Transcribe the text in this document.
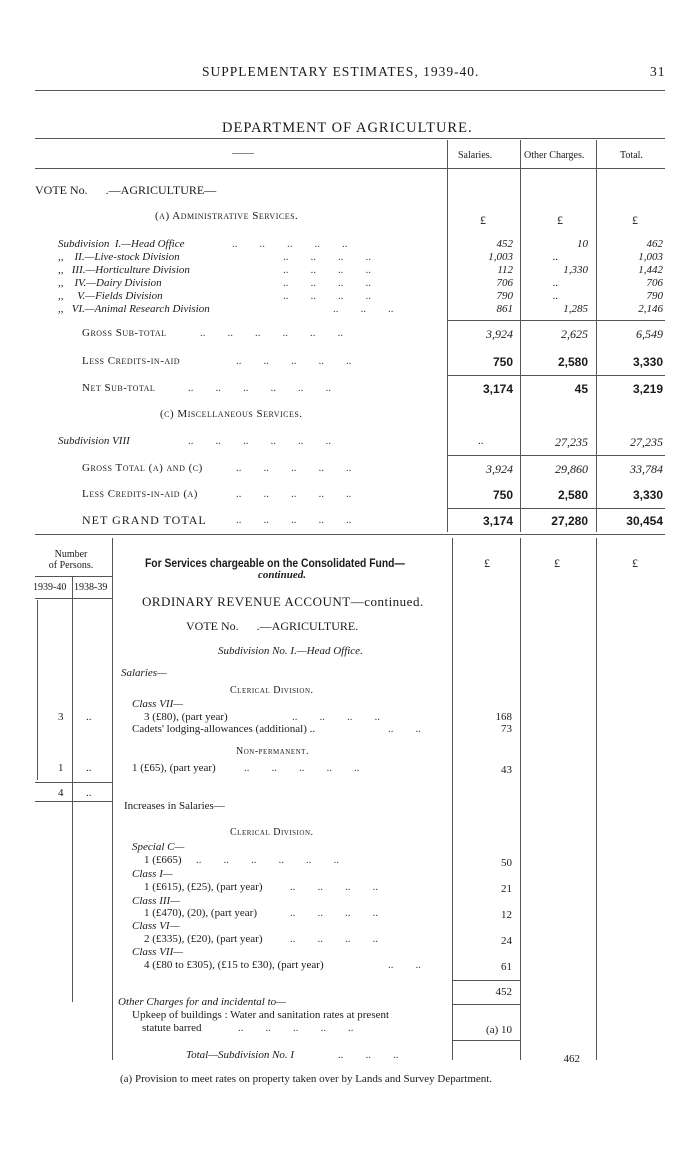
SUPPLEMENTARY ESTIMATES, 1939-40.	31
DEPARTMENT OF AGRICULTURE.
——	Salaries.	Other Charges.	Total.
VOTE No.      .—AGRICULTURE—
(a) Administrative Services.	£	£	£
Subdivision  I.—Head Office	..        ..        ..        ..        ..	452	10	462
,,    II.—Live-stock Division	..        ..        ..        ..	1,003	..	1,003
,,   III.—Horticulture Division	..        ..        ..        ..	112	1,330	1,442
,,    IV.—Dairy Division	..        ..        ..        ..	706	..	706
,,     V.—Fields Division	..        ..        ..        ..	790	..	790
,,   VI.—Animal Research Division	..        ..        ..	861	1,285	2,146
Gross Sub-total	..        ..        ..        ..        ..        ..	3,924	2,625	6,549
Less Credits-in-aid	..        ..        ..        ..        ..	750	2,580	3,330
Net Sub-total	..        ..        ..        ..        ..        ..	3,174	45	3,219
(c) Miscellaneous Services.
Subdivision VIII	..        ..        ..        ..        ..        ..	..	27,235	27,235
Gross Total (a) and (c)	..        ..        ..        ..        ..	3,924	29,860	33,784
Less Credits-in-aid (a)	..        ..        ..        ..        ..	750	2,580	3,330
NET GRAND TOTAL	..        ..        ..        ..        ..	3,174	27,280	30,454
Number
of Persons.
1939-40 1938-39
For Services chargeable on the Consolidated Fund—
continued.
£	£	£
ORDINARY REVENUE ACCOUNT—continued.
VOTE No.      .—AGRICULTURE.
Subdivision No. I.—Head Office.
Salaries—
Clerical Division.
Class VII—
3 ..	3 (£80), (part year)	..        ..        ..        ..	168
Cadets' lodging-allowances (additional) ..	..        ..	73
Non-permanent.
1 ..	1 (£65), (part year)	..        ..        ..        ..        ..	43
4 ..
Increases in Salaries—
Clerical Division.
Special C—
1 (£665) ..        ..        ..        ..        ..        ..	50
Class I—
1 (£615), (£25), (part year) ..        ..        ..        ..	21
Class III—
1 (£470), (20), (part year)	..        ..        ..        ..	12
Class VI—
2 (£335), (£20), (part year) ..        ..        ..        ..	24
Class VII—
4 (£80 to £305), (£15 to £30), (part year)	..        ..	61
452
Other Charges for and incidental to—
Upkeep of buildings : Water and sanitation rates at present
statute barred	..        ..        ..        ..        ..	(a) 10
Total—Subdivision No. I	..        ..        ..	462
(a) Provision to meet rates on property taken over by Lands and Survey Department.
